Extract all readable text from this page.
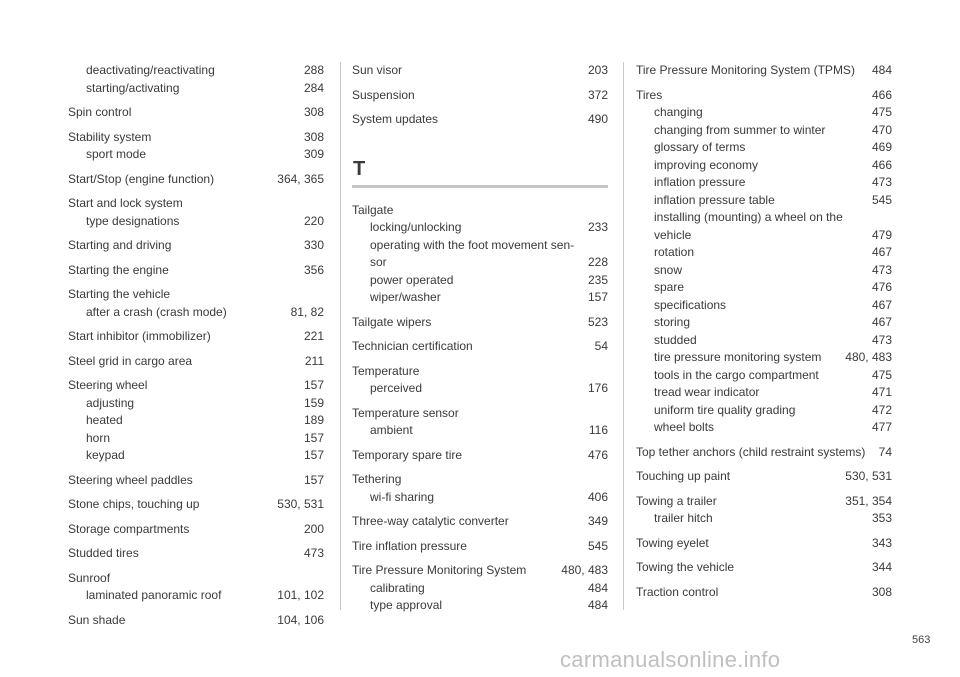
deactivating/reactivating	288
starting/activating	284
Spin control	308
Stability system	308
sport mode	309
Start/Stop (engine function)	364, 365
Start and lock system
type designations	220
Starting and driving	330
Starting the engine	356
Starting the vehicle
after a crash (crash mode)	81, 82
Start inhibitor (immobilizer)	221
Steel grid in cargo area	211
Steering wheel	157
adjusting	159
heated	189
horn	157
keypad	157
Steering wheel paddles	157
Stone chips, touching up	530, 531
Storage compartments	200
Studded tires	473
Sunroof
laminated panoramic roof	101, 102
Sun shade	104, 106
Sun visor	203
Suspension	372
System updates	490
T
Tailgate
locking/unlocking	233
operating with the foot movement sen-
sor	228
power operated	235
wiper/washer	157
Tailgate wipers	523
Technician certification	54
Temperature
perceived	176
Temperature sensor
ambient	116
Temporary spare tire	476
Tethering
wi-fi sharing	406
Three-way catalytic converter	349
Tire inflation pressure	545
Tire Pressure Monitoring System	480, 483
calibrating	484
type approval	484
Tire Pressure Monitoring System (TPMS)	484
Tires	466
changing	475
changing from summer to winter	470
glossary of terms	469
improving economy	466
inflation pressure	473
inflation pressure table	545
installing (mounting) a wheel on the
vehicle	479
rotation	467
snow	473
spare	476
specifications	467
storing	467
studded	473
tire pressure monitoring system	480, 483
tools in the cargo compartment	475
tread wear indicator	471
uniform tire quality grading	472
wheel bolts	477
Top tether anchors (child restraint systems)	74
Touching up paint	530, 531
Towing a trailer	351, 354
trailer hitch	353
Towing eyelet	343
Towing the vehicle	344
Traction control	308
563
carmanualsonline.info
